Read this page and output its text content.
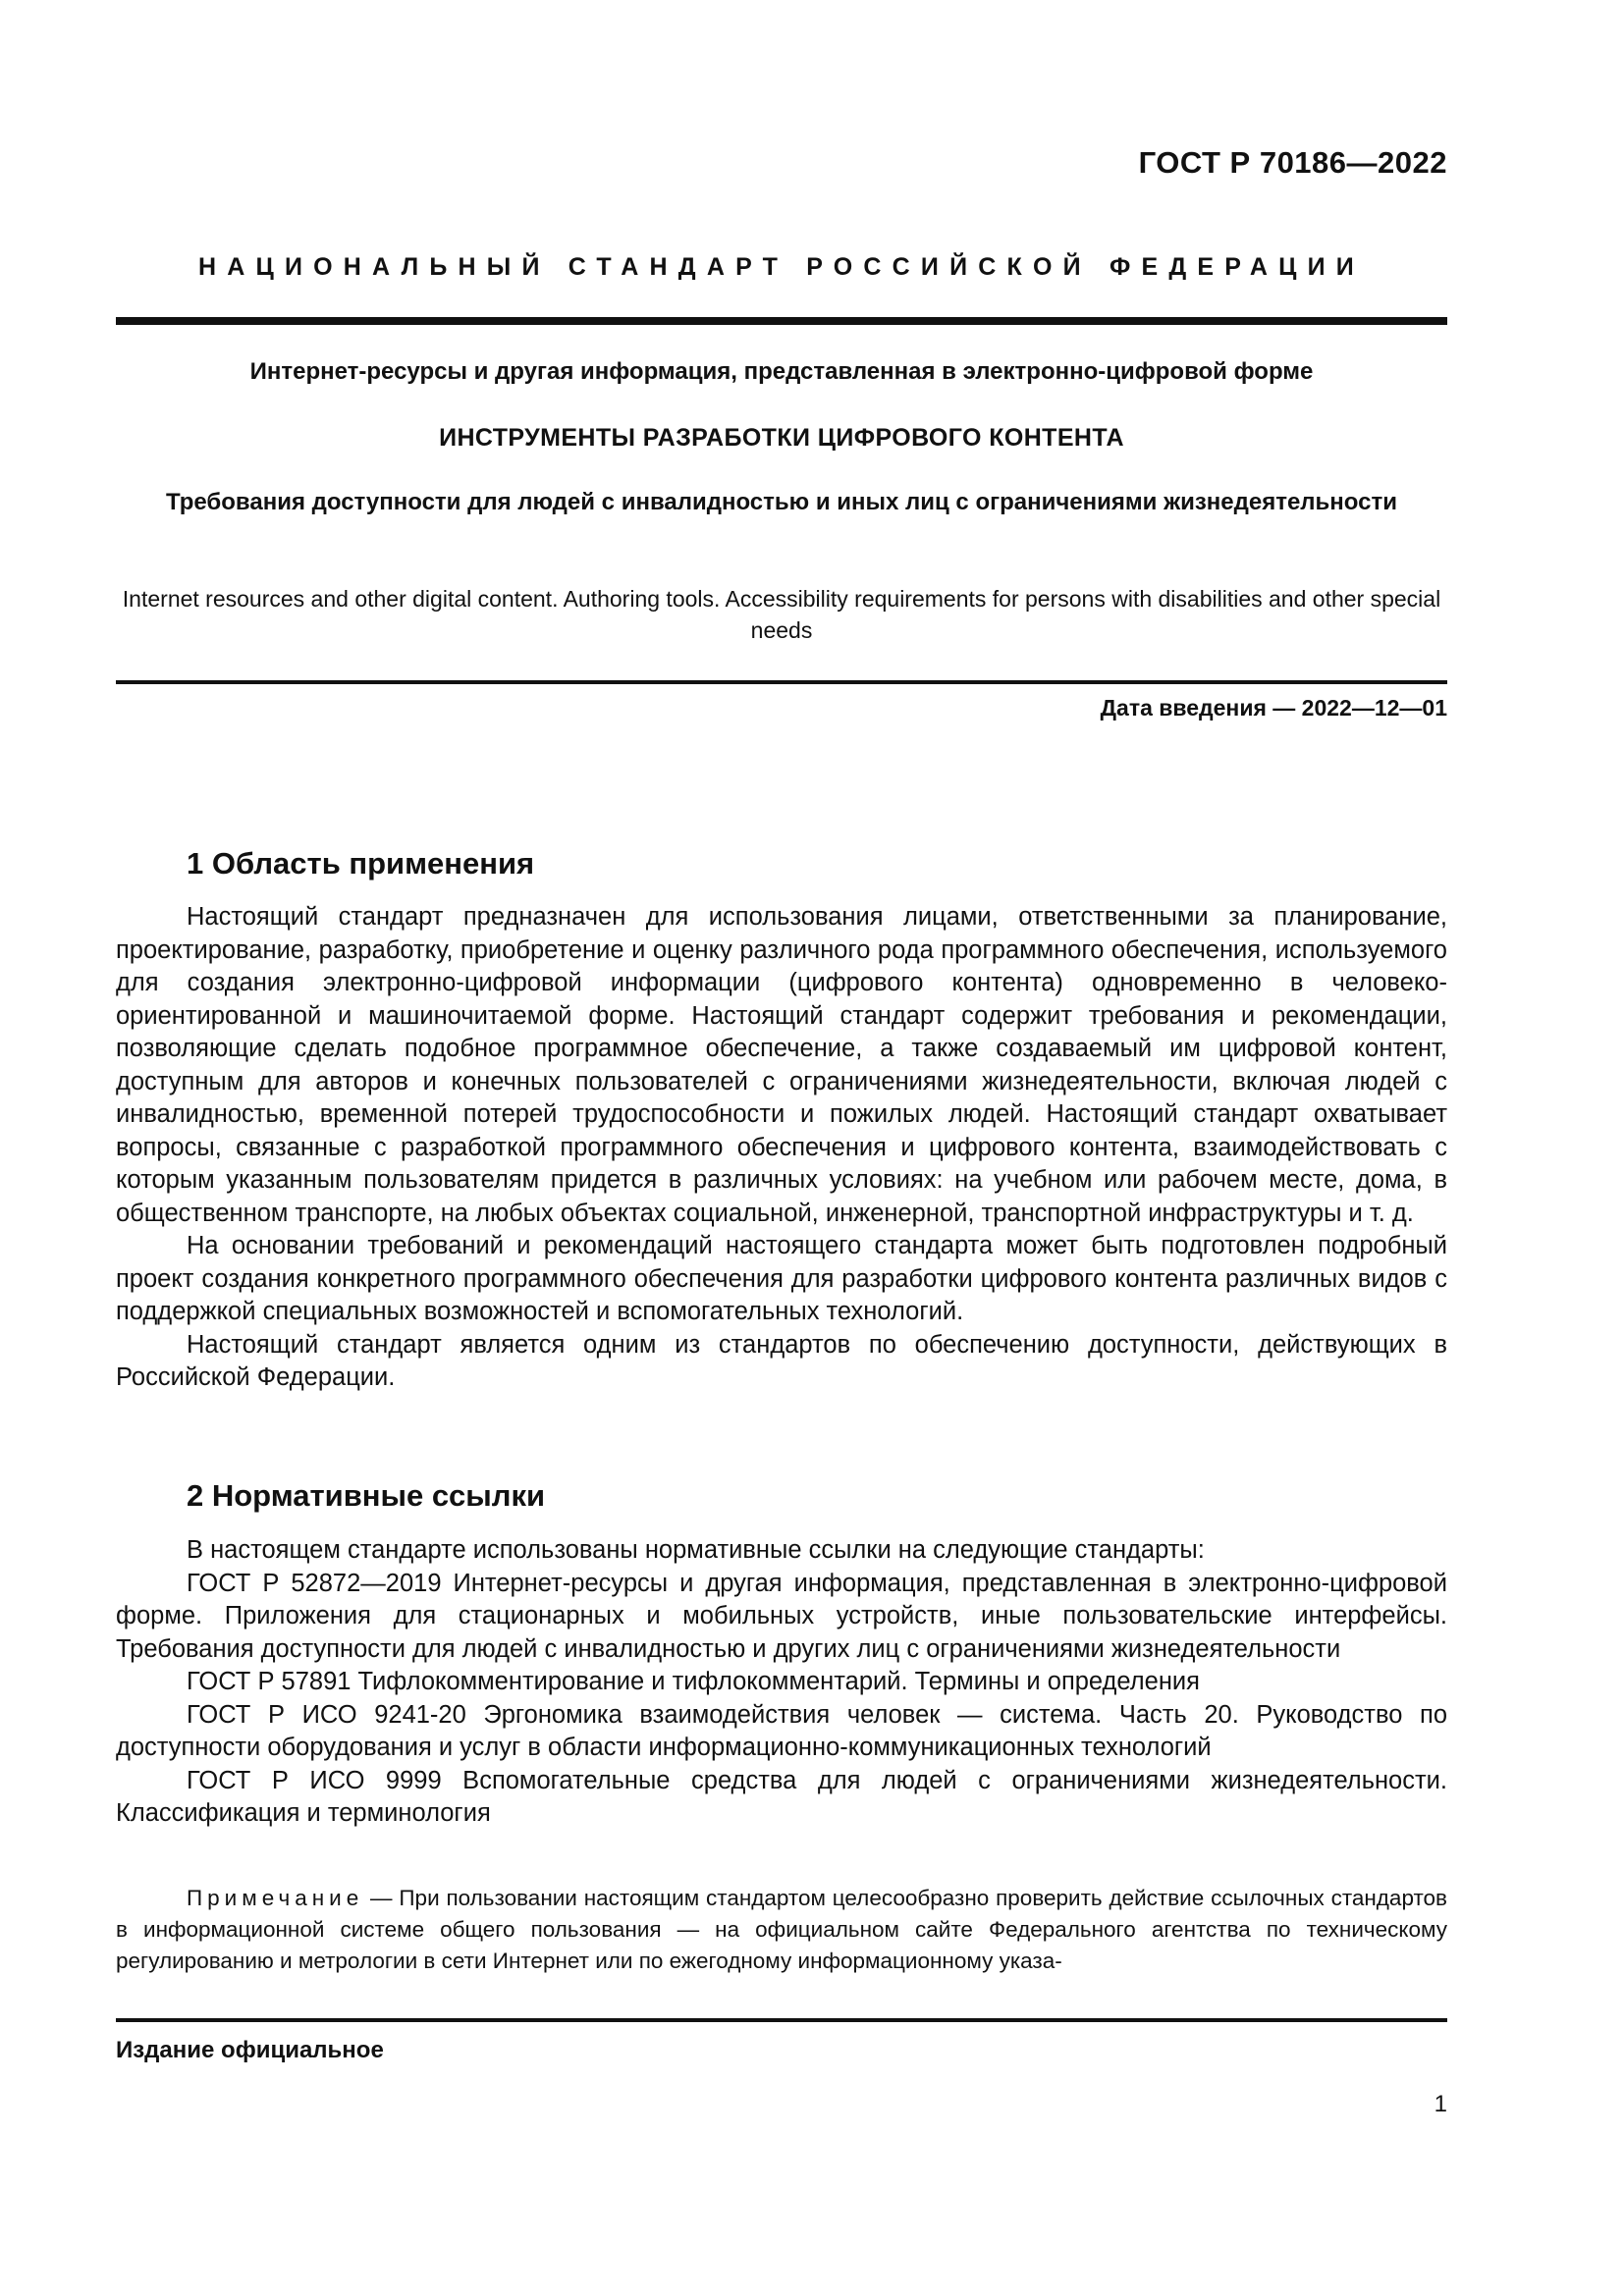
ГОСТ Р 70186—2022
НАЦИОНАЛЬНЫЙ СТАНДАРТ РОССИЙСКОЙ ФЕДЕРАЦИИ
Интернет-ресурсы и другая информация, представленная в электронно-цифровой форме
ИНСТРУМЕНТЫ РАЗРАБОТКИ ЦИФРОВОГО КОНТЕНТА
Требования доступности для людей с инвалидностью и иных лиц с ограничениями жизнедеятельности
Internet resources and other digital content. Authoring tools. Accessibility requirements for persons with disabilities and other special needs
Дата введения — 2022—12—01
1 Область применения

Настоящий стандарт предназначен для использования лицами, ответственными за планирование, проектирование, разработку, приобретение и оценку различного рода программного обеспечения, используемого для создания электронно-цифровой информации (цифрового контента) одновременно в человеко-ориентированной и машиночитаемой форме. Настоящий стандарт содержит требования и рекомендации, позволяющие сделать подобное программное обеспечение, а также создаваемый им цифровой контент, доступным для авторов и конечных пользователей с ограничениями жизнедеятельности, включая людей с инвалидностью, временной потерей трудоспособности и пожилых людей. Настоящий стандарт охватывает вопросы, связанные с разработкой программного обеспечения и цифрового контента, взаимодействовать с которым указанным пользователям придется в различных условиях: на учебном или рабочем месте, дома, в общественном транспорте, на любых объектах социальной, инженерной, транспортной инфраструктуры и т. д.

На основании требований и рекомендаций настоящего стандарта может быть подготовлен подробный проект создания конкретного программного обеспечения для разработки цифрового контента различных видов с поддержкой специальных возможностей и вспомогательных технологий.

Настоящий стандарт является одним из стандартов по обеспечению доступности, действующих в Российской Федерации.

2 Нормативные ссылки

В настоящем стандарте использованы нормативные ссылки на следующие стандарты:

ГОСТ Р 52872—2019 Интернет-ресурсы и другая информация, представленная в электронно-цифровой форме. Приложения для стационарных и мобильных устройств, иные пользовательские интерфейсы. Требования доступности для людей с инвалидностью и других лиц с ограничениями жизнедеятельности

ГОСТ Р 57891 Тифлокомментирование и тифлокомментарий. Термины и определения

ГОСТ Р ИСО 9241-20 Эргономика взаимодействия человек — система. Часть 20. Руководство по доступности оборудования и услуг в области информационно-коммуникационных технологий

ГОСТ Р ИСО 9999 Вспомогательные средства для людей с ограничениями жизнедеятельности. Классификация и терминология

Примечание — При пользовании настоящим стандартом целесообразно проверить действие ссылочных стандартов в информационной системе общего пользования — на официальном сайте Федерального агентства по техническому регулированию и метрологии в сети Интернет или по ежегодному информационному указа-
Издание официальное
1
